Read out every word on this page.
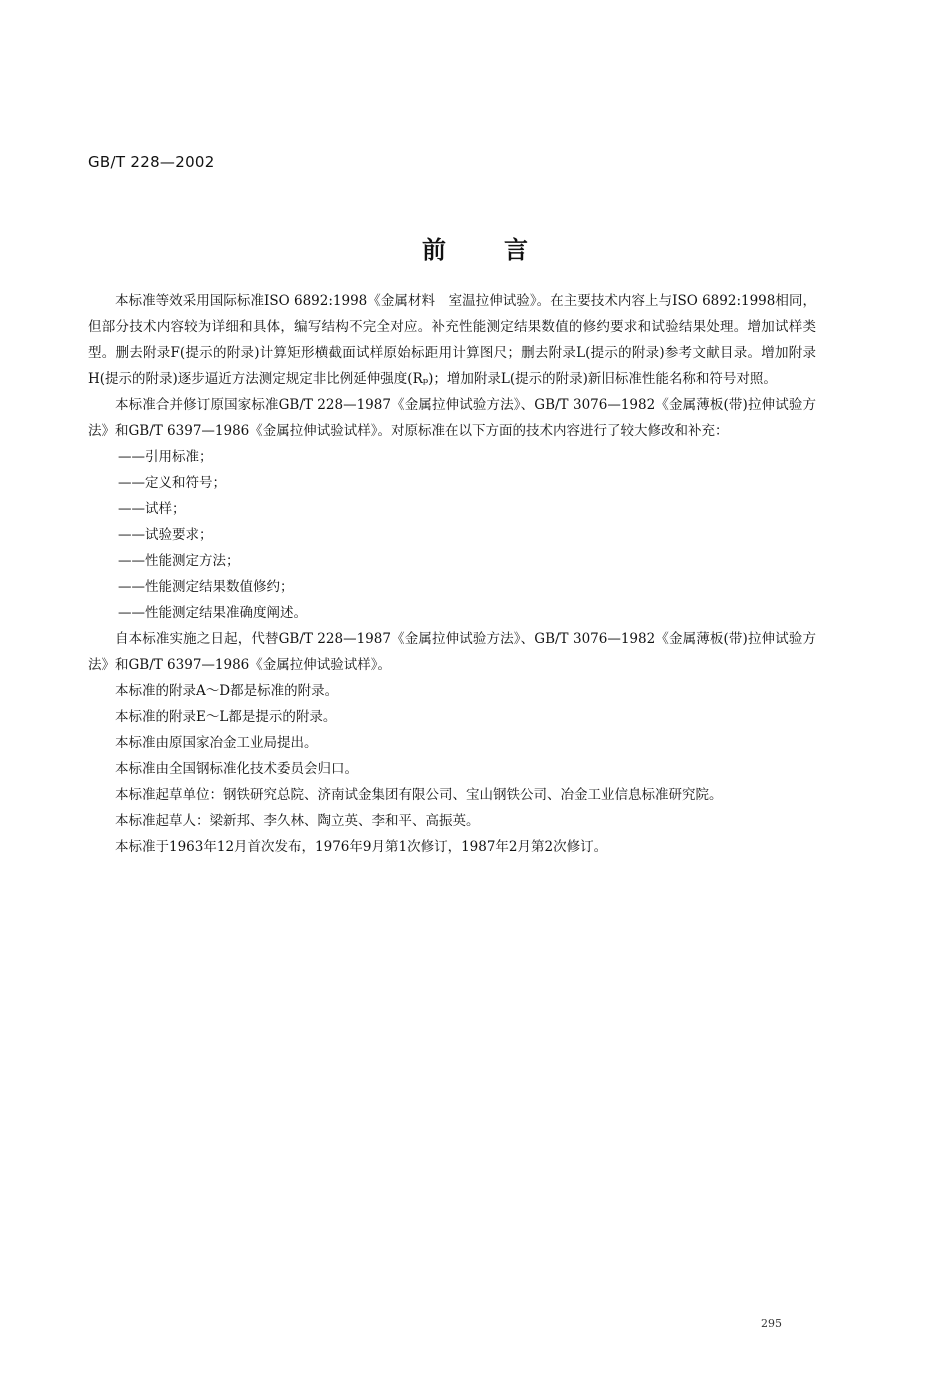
GB/T 228—2002
前 言

本标准等效采用国际标准ISO 6892:1998《金属材料　室温拉伸试验》。在主要技术内容上与ISO 6892:1998相同，但部分技术内容较为详细和具体，编写结构不完全对应。补充性能测定结果数值的修约要求和试验结果处理。增加试样类型。删去附录F(提示的附录)计算矩形横截面试样原始标距用计算图尺；删去附录L(提示的附录)参考文献目录。增加附录H(提示的附录)逐步逼近方法测定规定非比例延伸强度(Rₚ)；增加附录L(提示的附录)新旧标准性能名称和符号对照。

本标准合并修订原国家标准GB/T 228—1987《金属拉伸试验方法》、GB/T 3076—1982《金属薄板(带)拉伸试验方法》和GB/T 6397—1986《金属拉伸试验试样》。对原标准在以下方面的技术内容进行了较大修改和补充：

——引用标准；

——定义和符号；

——试样；

——试验要求；

——性能测定方法；

——性能测定结果数值修约；

——性能测定结果准确度阐述。

自本标准实施之日起，代替GB/T 228—1987《金属拉伸试验方法》、GB/T 3076—1982《金属薄板(带)拉伸试验方法》和GB/T 6397—1986《金属拉伸试验试样》。

本标准的附录A～D都是标准的附录。

本标准的附录E～L都是提示的附录。

本标准由原国家冶金工业局提出。

本标准由全国钢标准化技术委员会归口。

本标准起草单位：钢铁研究总院、济南试金集团有限公司、宝山钢铁公司、冶金工业信息标准研究院。

本标准起草人：梁新邦、李久林、陶立英、李和平、高振英。

本标准于1963年12月首次发布，1976年9月第1次修订，1987年2月第2次修订。

295
